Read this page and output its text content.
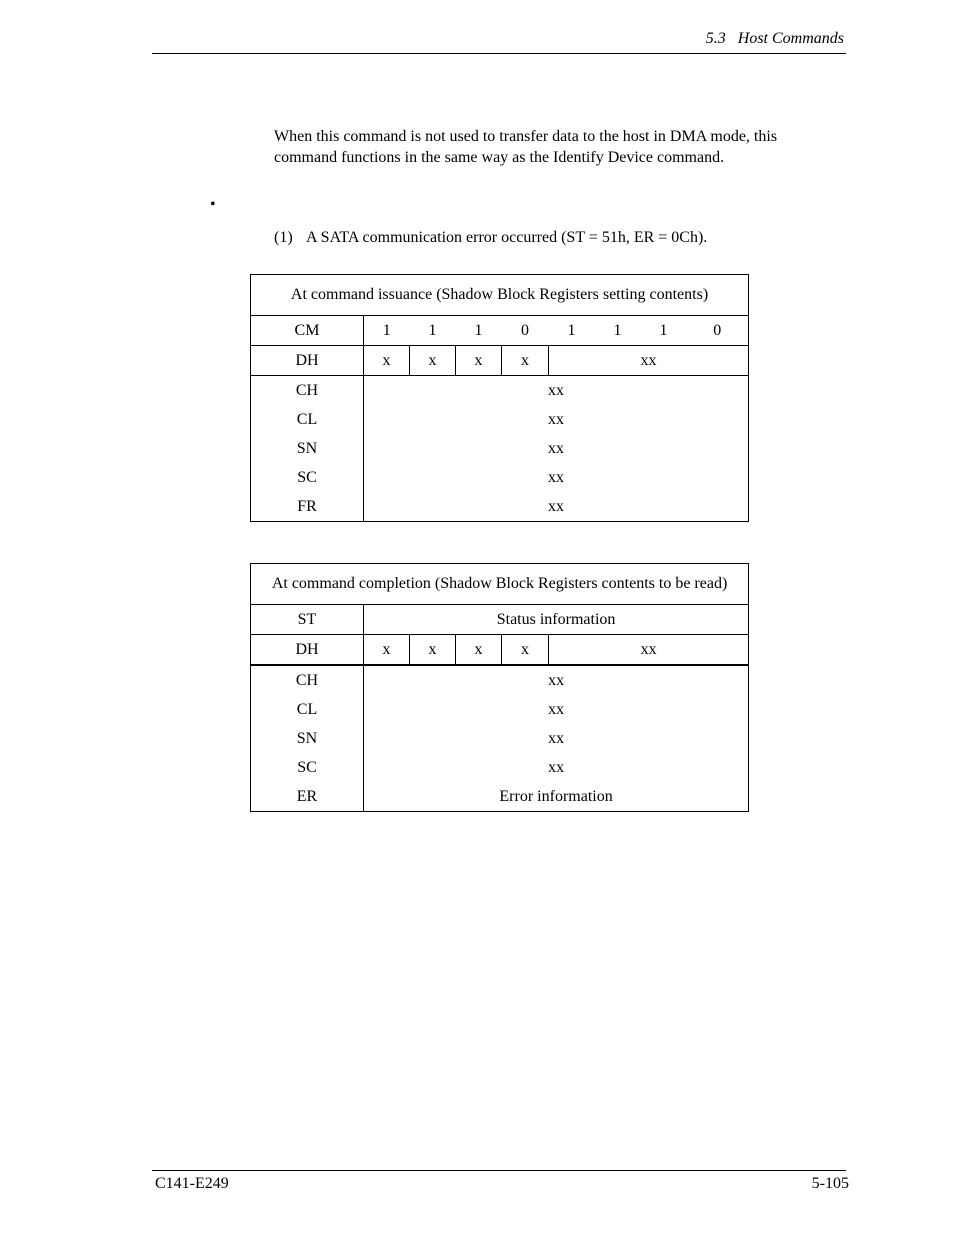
5.3   Host Commands
When this command is not used to transfer data to the host in DMA mode, this command functions in the same way as the Identify Device command.
•
(1) A SATA communication error occurred (ST = 51h, ER = 0Ch).
At command issuance (Shadow Block Registers setting contents)								
CM	1	1	1	0	1	1	1	0
DH	x	x	x	x	xx			
CH	xx							
CL	xx							
SN	xx							
SC	xx							
FR	xx							
At command completion (Shadow Block Registers contents to be read)					
ST	Status information				
DH	x	x	x	x	xx
CH	xx				
CL	xx				
SN	xx				
SC	xx				
ER	Error information				
C141-E249	5-105
